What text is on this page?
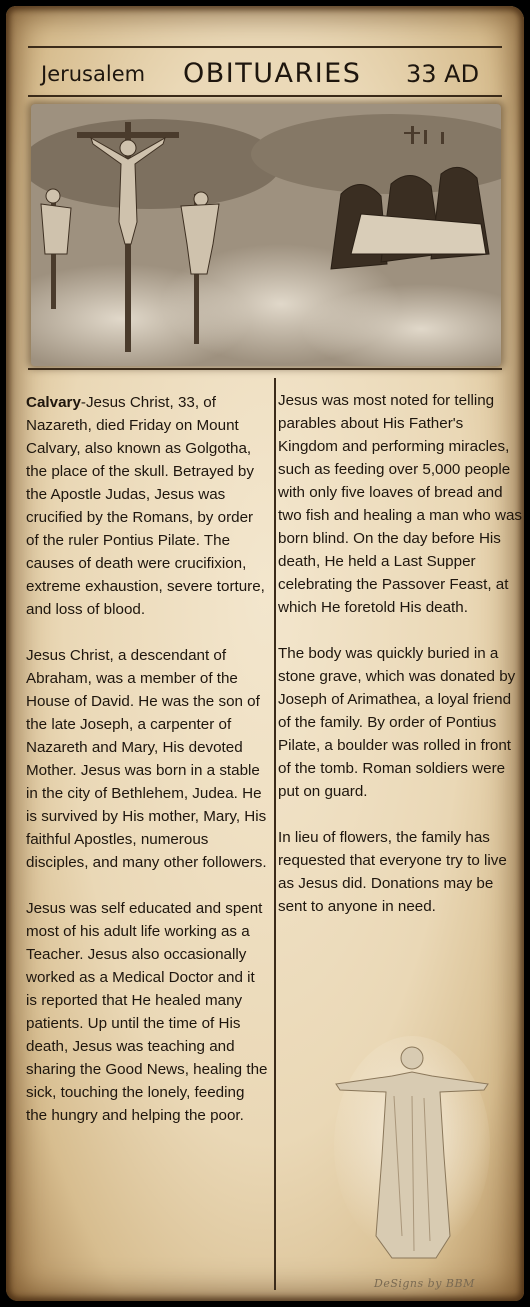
Jerusalem OBITUARIES 33 AD

Calvary-Jesus Christ, 33, of Nazareth, died Friday on Mount Calvary, also known as Golgotha, the place of the skull. Betrayed by the Apostle Judas, Jesus was crucified by the Romans, by order of the ruler Pontius Pilate. The causes of death were crucifixion, extreme exhaustion, severe torture, and loss of blood.

Jesus Christ, a descendant of Abraham, was a member of the House of David. He was the son of the late Joseph, a carpenter of Nazareth and Mary, His devoted Mother. Jesus was born in a stable in the city of Bethlehem, Judea. He is survived by His mother, Mary, His faithful Apostles, numerous disciples, and many other followers.

Jesus was self educated and spent most of his adult life working as a Teacher. Jesus also occasionally worked as a Medical Doctor and it is reported that He healed many patients. Up until the time of His death, Jesus was teaching and sharing the Good News, healing the sick, touching the lonely, feeding the hungry and helping the poor.

Jesus was most noted for telling parables about His Father's Kingdom and performing miracles, such as feeding over 5,000 people with only five loaves of bread and two fish and healing a man who was born blind. On the day before His death, He held a Last Supper celebrating the Passover Feast, at which He foretold His death.

The body was quickly buried in a stone grave, which was donated by Joseph of Arimathea, a loyal friend of the family. By order of Pontius Pilate, a boulder was rolled in front of the tomb. Roman soldiers were put on guard.

In lieu of flowers, the family has requested that everyone try to live as Jesus did. Donations may be sent to anyone in need.

DeSigns by BBM
